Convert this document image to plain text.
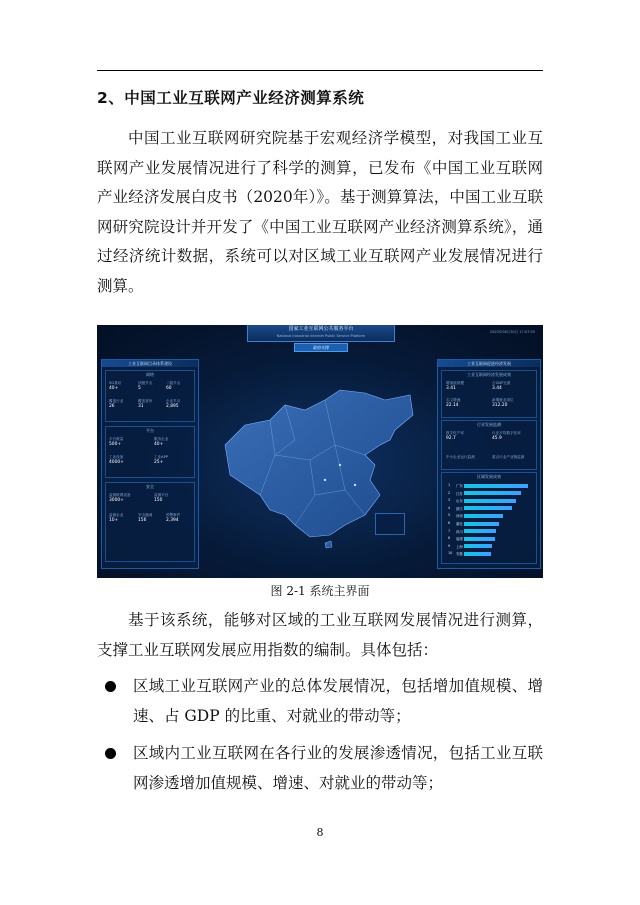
2、中国工业互联网产业经济测算系统

中国工业互联网研究院基于宏观经济学模型，对我国工业互联网产业发展情况进行了科学的测算，已发布《中国工业互联网产业经济发展白皮书（2020年）》。基于测算算法，中国工业互联网研究院设计并开发了《中国工业互联网产业经济测算系统》，通过经济统计数据，系统可以对区域工业互联网产业发展情况进行测算。

国家工业互联网公共服务平台
National Industrial Internet Public Service Platform
政府支撑
2020年08月30日 17:07:55
工业互联网目录体系建设
网络
5G基站
40+
顶级节点
5
二级节点
60
覆盖行业
26
覆盖省份
31
企业节点
2,895
平台
平台数量
500+
服务企业
40+
工业设备
4000+
工业APP
25+
安全
监测联网设备
3000+
监测平台
150
监测企业
10+
安全漏洞
156
预警事件
2,394
工业互联网促进经济发展
工业互联网经济发展成效
增加值规模
3.41
占GDP比重
3.44
名义增速
22.14
新增就业岗位
312.20
行业发展监测
数字化产率
92.7
行业平均数字化率
45.9
中小企业运行监测	重点行业产业链监测
区域发展成效
1	广东
2	江苏
3	山东
4	浙江
5	河南
6	湖北
7	四川
8	福建
9	上海
10	安徽
图 2-1 系统主界面

基于该系统，能够对区域的工业互联网发展情况进行测算，支撑工业互联网发展应用指数的编制。具体包括：

区域工业互联网产业的总体发展情况，包括增加值规模、增速、占 GDP 的比重、对就业的带动等；
区域内工业互联网在各行业的发展渗透情况，包括工业互联网渗透增加值规模、增速、对就业的带动等；
8
